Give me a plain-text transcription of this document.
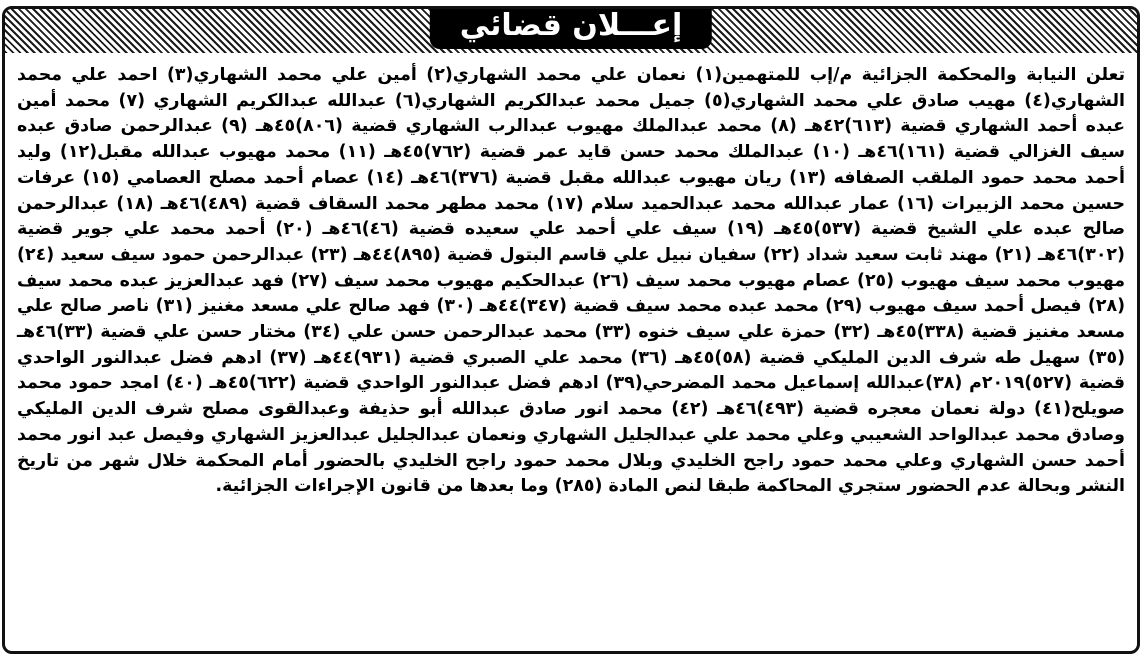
إعـــلان قضائي

تعلن النيابة والمحكمة الجزائية م/إب للمتهمين(١) نعمان علي محمد الشهاري(٢) أمين علي محمد الشهاري(٣) احمد علي محمد الشهاري(٤) مهيب صادق علي محمد الشهاري(٥) جميل محمد عبدالكريم الشهاري(٦) عبدالله عبدالكريم الشهاري (٧) محمد أمين عبده أحمد الشهاري قضية (٦١٣)٤٢هـ (٨) محمد عبدالملك مهيوب عبدالرب الشهاري قضية (٨٠٦)٤٥هـ (٩) عبدالرحمن صادق عبده سيف الغزالي قضية (١٦١)٤٦هـ (١٠) عبدالملك محمد حسن قايد عمر قضية (٧٦٢)٤٥هـ (١١) محمد مهيوب عبدالله مقبل(١٢) وليد أحمد محمد حمود الملقب الصفافه (١٣) ريان مهيوب عبدالله مقبل قضية (٣٧٦)٤٦هـ (١٤) عصام أحمد مصلح العصامي (١٥) عرفات حسين محمد الزبيرات (١٦) عمار عبدالله محمد عبدالحميد سلام (١٧) محمد مطهر محمد السقاف قضية (٤٨٩)٤٦هـ (١٨) عبدالرحمن صالح عبده علي الشيخ قضية (٥٣٧)٤٥هـ (١٩) سيف علي أحمد علي سعيده قضية (٤٦)٤٦هـ (٢٠) أحمد محمد علي جوير قضية (٣٠٢)٤٦هـ (٢١) مهند ثابت سعيد شداد (٢٢) سفيان نبيل علي قاسم البتول قضية (٨٩٥)٤٤هـ (٢٣) عبدالرحمن حمود سيف سعيد (٢٤) مهيوب محمد سيف مهيوب (٢٥) عصام مهيوب محمد سيف (٢٦) عبدالحكيم مهيوب محمد سيف (٢٧) فهد عبدالعزيز عبده محمد سيف (٢٨) فيصل أحمد سيف مهيوب (٢٩) محمد عبده محمد سيف قضية (٣٤٧)٤٤هـ (٣٠) فهد صالح علي مسعد مغنيز (٣١) ناصر صالح علي مسعد مغنيز قضية (٣٣٨)٤٥هـ (٣٢) حمزة علي سيف خنوه (٣٣) محمد عبدالرحمن حسن علي (٣٤) مختار حسن علي قضية (٣٣)٤٦هـ (٣٥) سهيل طه شرف الدين المليكي قضية (٥٨)٤٥هـ (٣٦) محمد علي الصبري قضية (٩٣١)٤٤هـ (٣٧) ادهم فضل عبدالنور الواحدي قضية (٥٢٧)٢٠١٩م (٣٨)عبدالله إسماعيل محمد المضرحي(٣٩) ادهم فضل عبدالنور الواحدي قضية (٦٢٢)٤٥هـ (٤٠) امجد حمود محمد صويلح(٤١) دولة نعمان معجره قضية (٤٩٣)٤٦هـ (٤٢) محمد انور صادق عبدالله أبو حذيفة وعبدالقوى مصلح شرف الدين المليكي وصادق محمد عبدالواحد الشعيبي وعلي محمد علي عبدالجليل الشهاري ونعمان عبدالجليل عبدالعزيز الشهاري وفيصل عبد انور محمد أحمد حسن الشهاري وعلي محمد حمود راجح الخليدي وبلال محمد حمود راجح الخليدي بالحضور أمام المحكمة خلال شهر من تاريخ النشر وبحالة عدم الحضور ستجري المحاكمة طبقا لنص المادة (٢٨٥) وما بعدها من قانون الإجراءات الجزائية.
